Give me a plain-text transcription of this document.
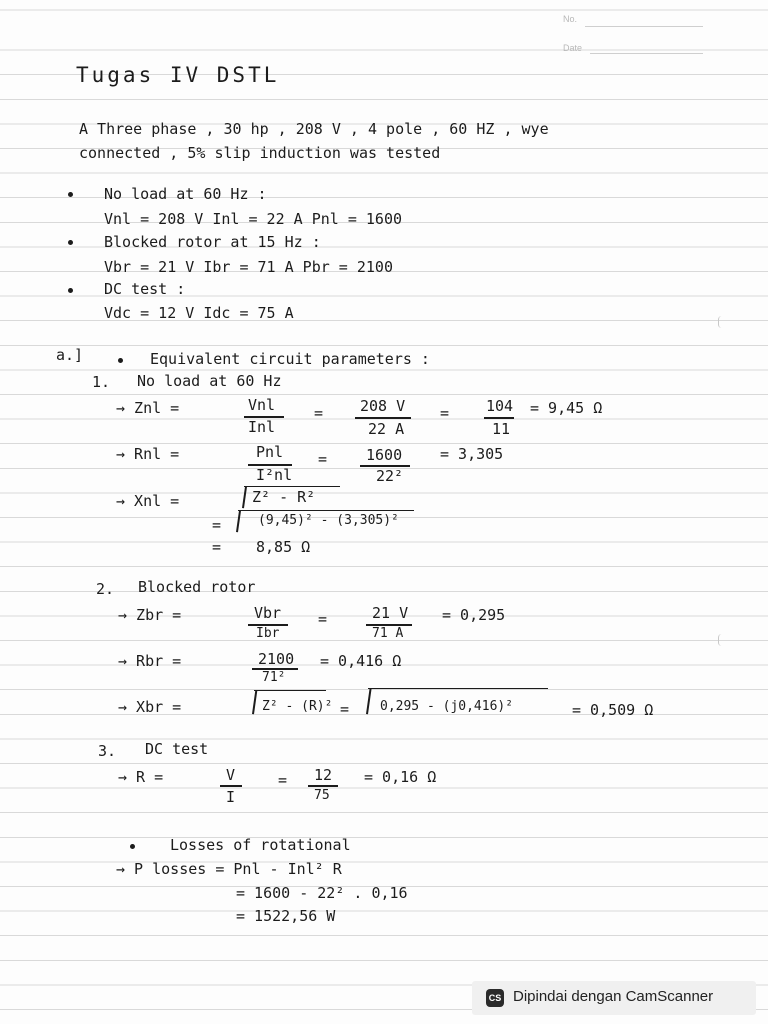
No.
Date
Tugas IV DSTL
A Three phase , 30 hp , 208 V , 4 pole , 60 HZ , wye
connected , 5% slip induction was tested
No load at 60 Hz :
Vnl = 208 V Inl = 22 A Pnl = 1600
Blocked rotor at 15 Hz :
Vbr = 21 V Ibr = 71 A Pbr = 2100
DC test :
Vdc = 12 V Idc = 75 A
a.]	Equivalent circuit parameters :
1. No load at 60 Hz
→ Znl =	Vnl
Inl
= 208 V
22 A
= 104
11
= 9,45 Ω
→ Rnl =	Pnl
I²nl
=	1600
22²
= 3,305
→ Xnl =	Z² - R²
=	(9,45)² - (3,305)²
= 8,85 Ω
2. Blocked rotor
→ Zbr =	Vbr
Ibr
=	21 V
71 A
= 0,295
→ Rbr =	2100
71²
= 0,416 Ω
→ Xbr =	Z² - (R)² = 0,295 - (j0,416)²	= 0,509 Ω
3. DC test
→ R =	V
I
= 12
75
= 0,16 Ω
Losses of rotational
→ P losses = Pnl - Inl² R
= 1600 - 22² . 0,16
= 1522,56 W
CS Dipindai dengan CamScanner
